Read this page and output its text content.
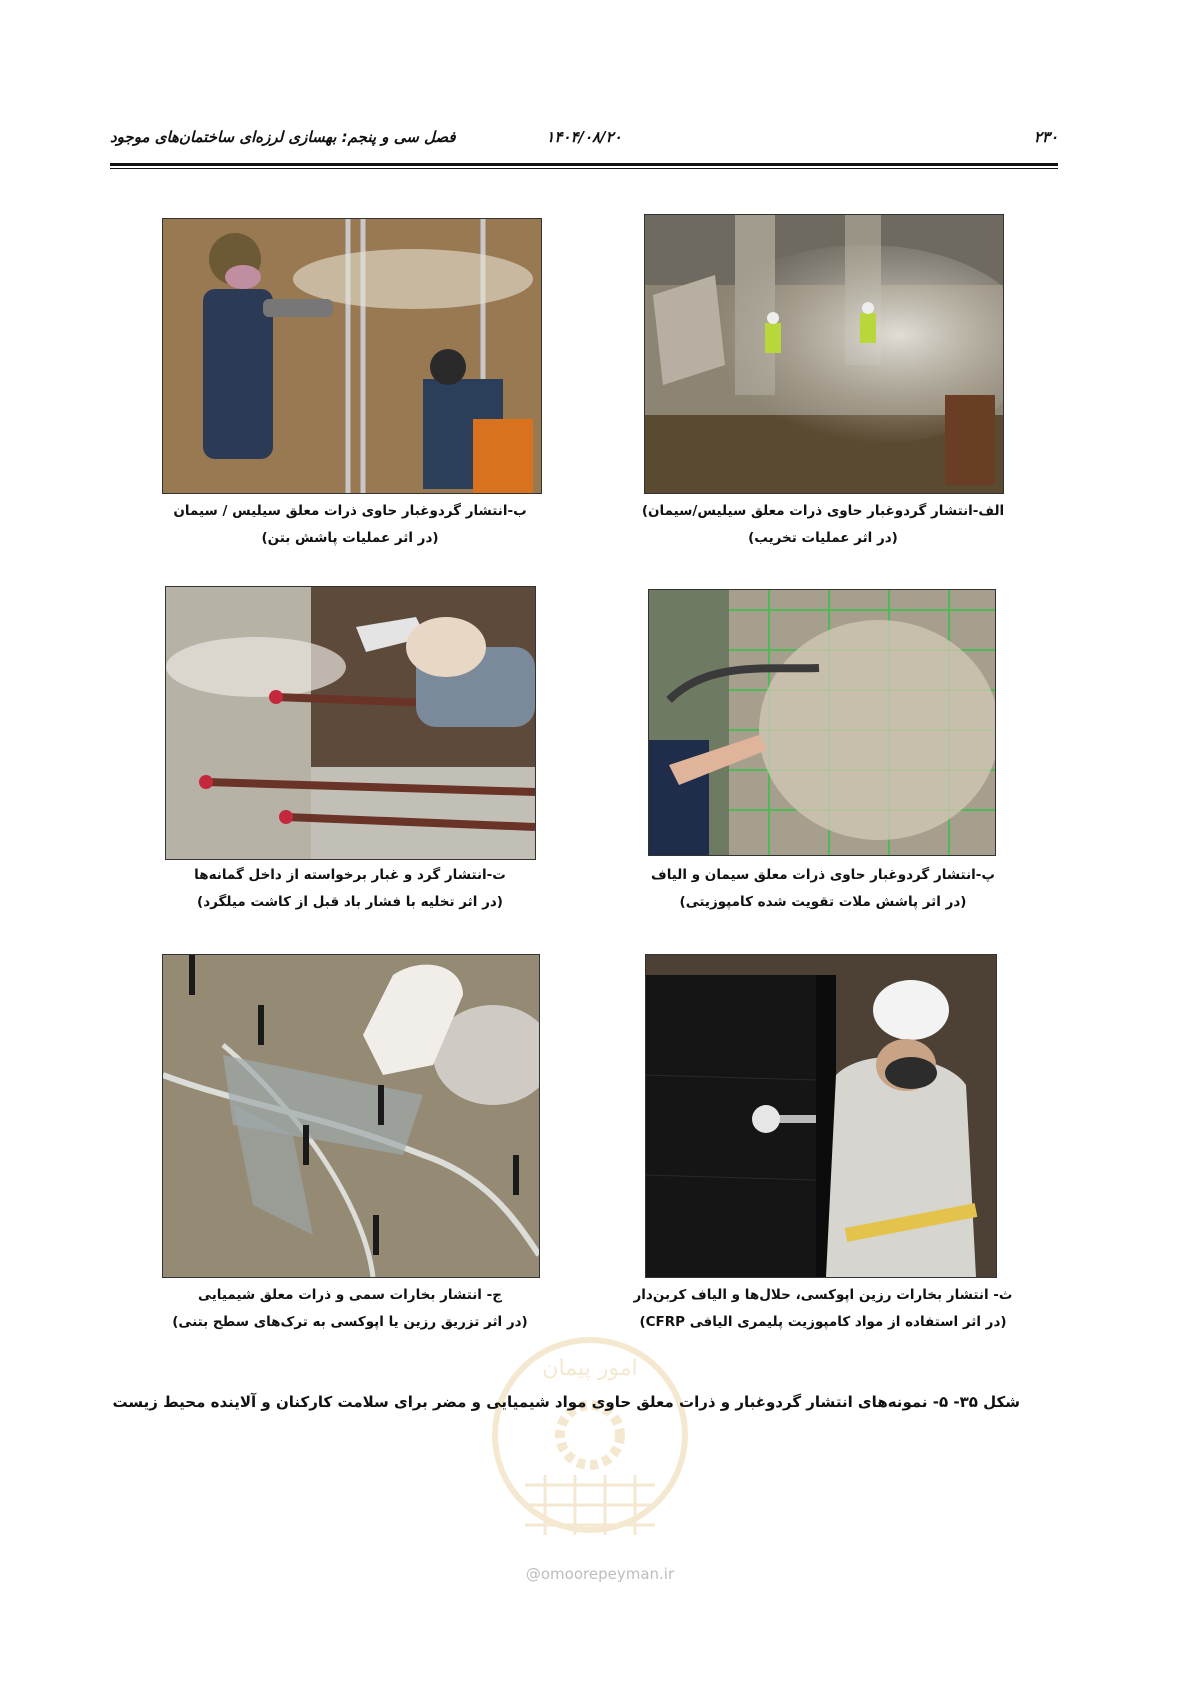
۲۳۰
۱۴۰۴/۰۸/۲۰
فصل سی و پنجم: بهسازی لرزه‌ای ساختمان‌های موجود
الف-انتشار گردوغبار حاوی ذرات معلق سیلیس/سیمان)
(در اثر عملیات تخریب)
ب-انتشار گردوغبار حاوی ذرات معلق سیلیس / سیمان
(در اثر عملیات پاشش بتن)
پ-انتشار گردوغبار حاوی ذرات معلق سیمان و الیاف
(در اثر پاشش ملات تقویت شده کامپوزیتی)
ت-انتشار گرد و غبار برخواسته از داخل گمانه‌ها
(در اثر تخلیه با فشار باد قبل از کاشت میلگرد)
ث- انتشار بخارات رزین اپوکسی، حلال‌ها و الیاف کربن‌دار
(در اثر استفاده از مواد کامپوزیت پلیمری الیافی CFRP)
ج- انتشار بخارات سمی و ذرات معلق شیمیایی
(در اثر تزریق رزین یا اپوکسی به ترک‌های سطح بتنی)
امور پیمان
شکل ۳۵- ۵- نمونه‌های انتشار گردوغبار و ذرات معلق حاوی مواد شیمیایی و مضر برای سلامت کارکنان و آلاینده محیط زیست
@omoorepeyman.ir
